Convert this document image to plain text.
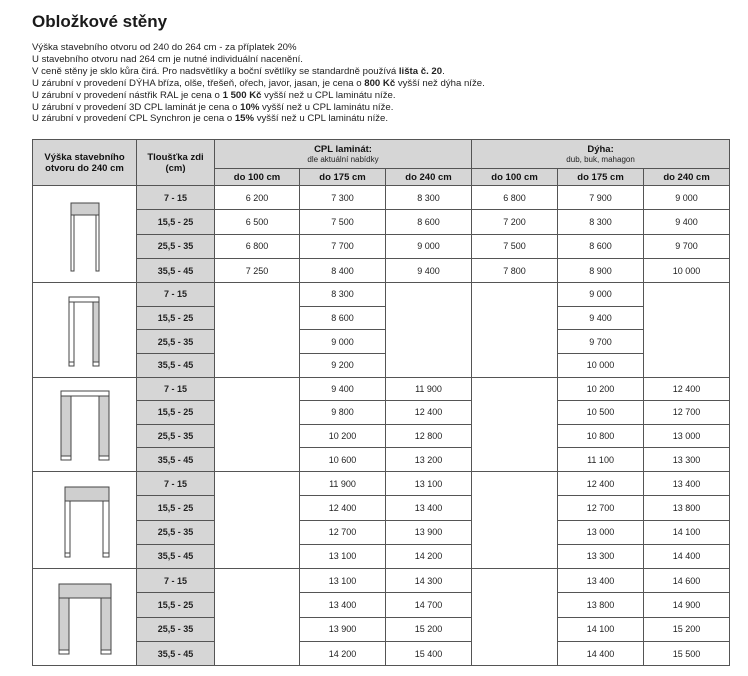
Obložkové stěny
Výška stavebního otvoru od 240 do 264 cm - za příplatek 20%
U stavebního otvoru nad 264 cm je nutné individuální nacenění.
V ceně stěny je sklo kůra čirá. Pro nadsvětlíky a boční světlíky se standardně používá lišta č. 20.
U zárubní v provedení DÝHA bříza, olše, třešeň, ořech, javor, jasan, je cena o 800 Kč vyšší než dýha níže.
U zárubní v provedení nástřik RAL je cena o 1 500 Kč vyšší než u CPL laminátu níže.
U zárubní v provedení 3D CPL laminát je cena o 10% vyšší než u CPL laminátu níže.
U zárubní v provedení CPL Synchron je cena o 15% vyšší než u CPL laminátu níže.
Výška stavebního otvoru do 240 cm	Tloušťka zdi (cm)	CPL laminát:
dle aktuální nabídky			Dýha:
dub, buk, mahagon		

		do 100 cm	do 175 cm	do 240 cm	do 100 cm	do 175 cm	do 240 cm
	7 - 15	6 200	7 300	8 300	6 800	7 900	9 000
	15,5 - 25	6 500	7 500	8 600	7 200	8 300	9 400
	25,5 - 35	6 800	7 700	9 000	7 500	8 600	9 700
	35,5 - 45	7 250	8 400	9 400	7 800	8 900	10 000
	7 - 15		8 300			9 000	
	15,5 - 25		8 600			9 400
	25,5 - 35		9 000			9 700
	35,5 - 45		9 200			10 000
	7 - 15		9 400	11 900		10 200	12 400
	15,5 - 25		9 800	12 400		10 500	12 700
	25,5 - 35		10 200	12 800		10 800	13 000
	35,5 - 45		10 600	13 200		11 100	13 300
	7 - 15		11 900	13 100		12 400	13 400
	15,5 - 25		12 400	13 400		12 700	13 800
	25,5 - 35		12 700	13 900		13 000	14 100
	35,5 - 45		13 100	14 200		13 300	14 400
	7 - 15		13 100	14 300		13 400	14 600
	15,5 - 25		13 400	14 700		13 800	14 900
	25,5 - 35		13 900	15 200		14 100	15 200
	35,5 - 45		14 200	15 400		14 400	15 500
